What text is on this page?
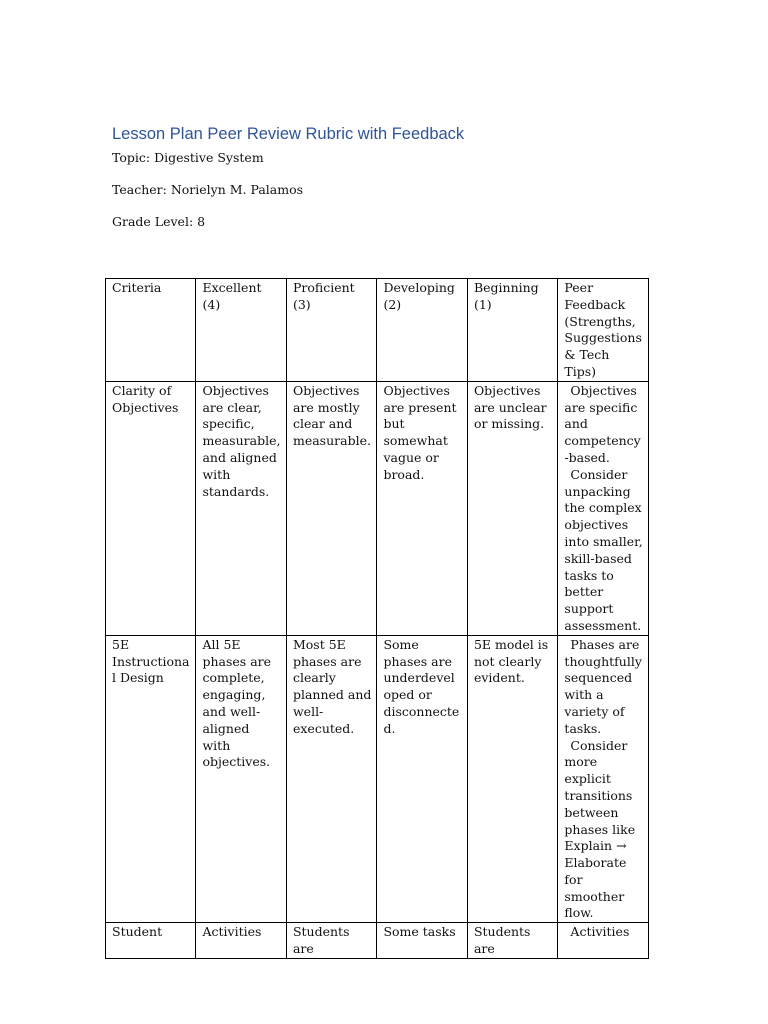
Lesson Plan Peer Review Rubric with Feedback
Topic: Digestive System
Teacher: Norielyn M. Palamos
Grade Level: 8
Criteria	Excellent (4)	Proficient (3)	Developing (2)	Beginning (1)	Peer Feedback (Strengths, Suggestions & Tech Tips)
Clarity of Objectives	Objectives are clear, specific, measurable, and aligned with standards.	Objectives are mostly clear and measurable.	Objectives are present but somewhat vague or broad.	Objectives are unclear or missing.	Objectives are specific and competency-based.
Consider unpacking the complex objectives into smaller, skill-based tasks to better support assessment.

5E Instructional Design	All 5E phases are complete, engaging, and well-aligned with objectives.	Most 5E phases are clearly planned and well-executed.	Some phases are underdeveloped or disconnected.	5E model is not clearly evident.	Phases are thoughtfully sequenced with a variety of tasks.
Consider more explicit transitions between phases like Explain → Elaborate for smoother flow.

Student	Activities	Students are	Some tasks	Students are	Activities
